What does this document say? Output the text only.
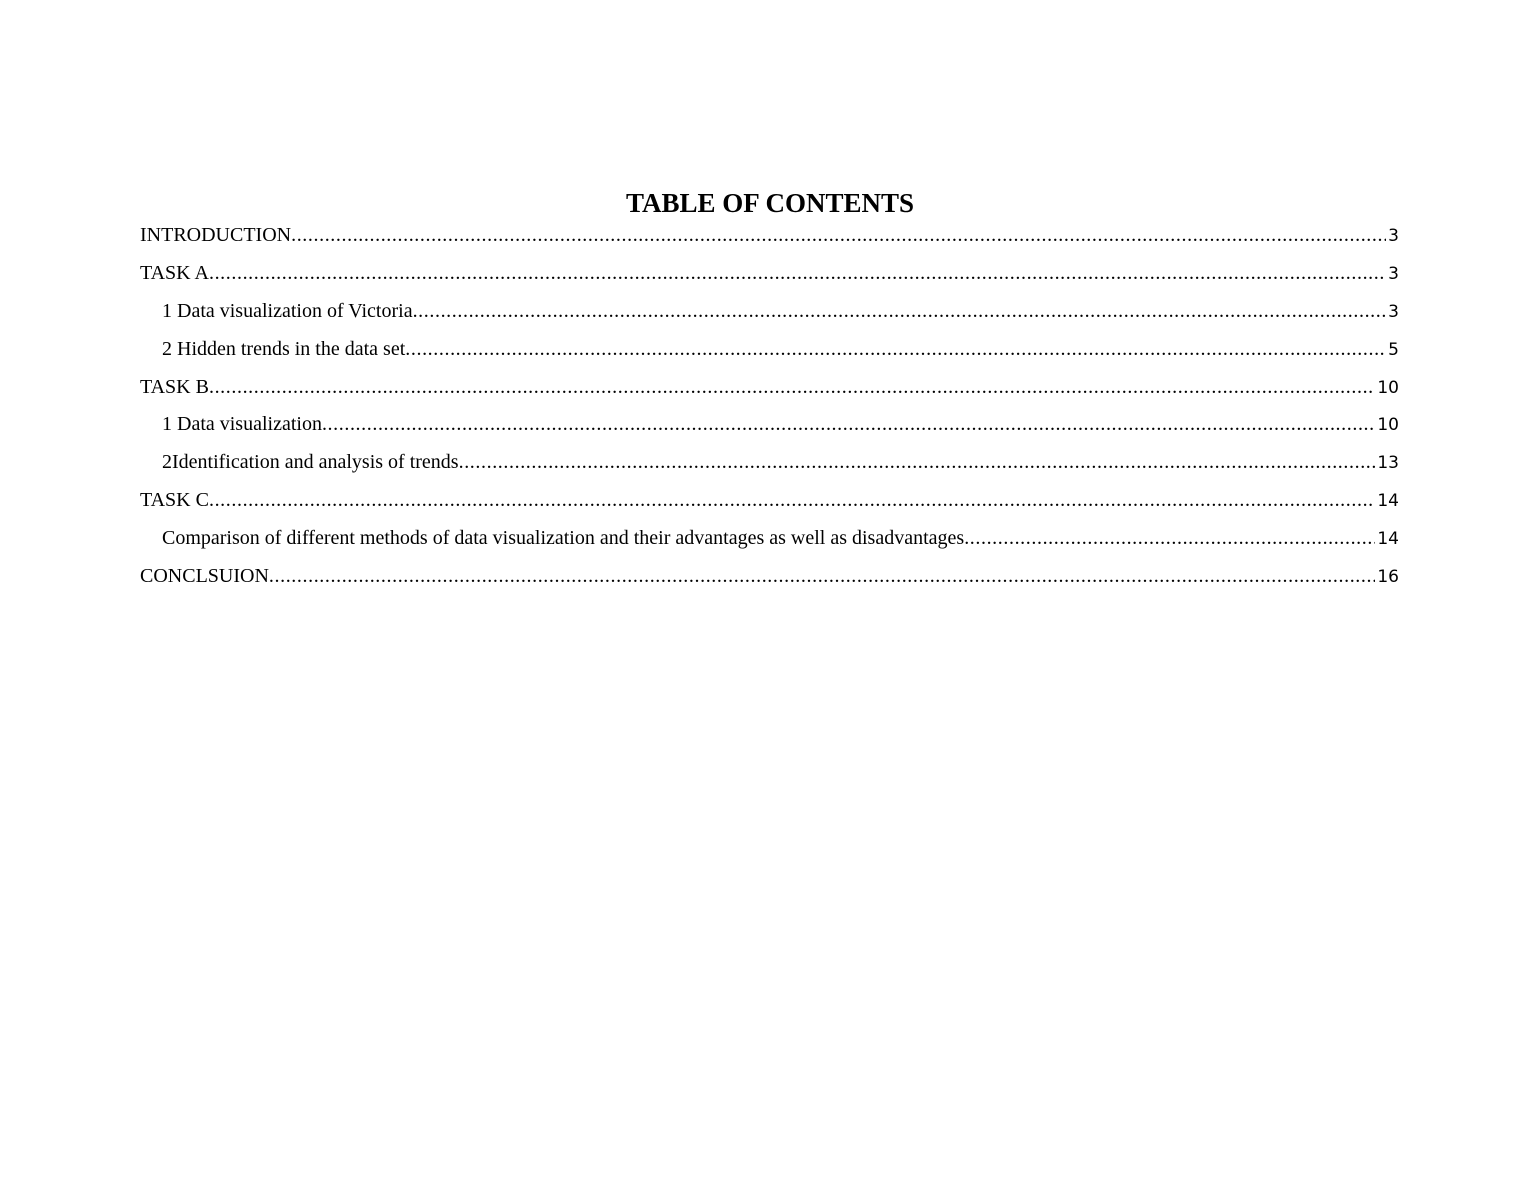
TABLE OF CONTENTS
INTRODUCTION .....	3
TASK A .....	3
1 Data visualization of Victoria .....	3
2 Hidden trends in the data set .....	5
TASK B .....	10
1 Data visualization .....	10
2Identification and analysis of trends .....	13
TASK C .....	14
Comparison of different methods of data visualization and their advantages as well as disadvantages .....	14
CONCLSUION .....	16
